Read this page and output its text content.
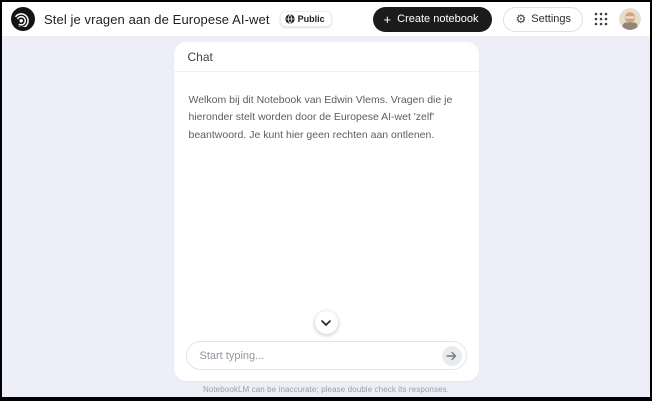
Stel je vragen aan de Europese AI-wet	Public	+ Create notebook	⚙ Settings
Chat
Welkom bij dit Notebook van Edwin Vlems. Vragen die je hieronder stelt worden door de Europese AI-wet 'zelf' beantwoord. Je kunt hier geen rechten aan ontlenen.
Start typing...
NotebookLM can be inaccurate; please double check its responses.
